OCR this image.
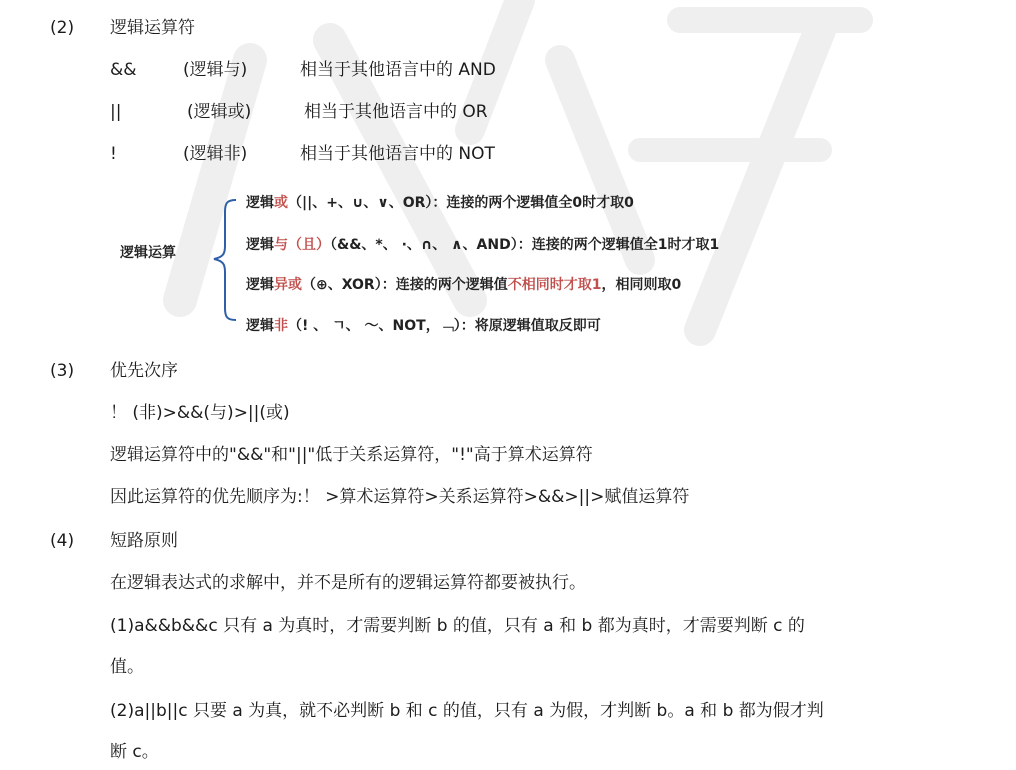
(2) 逻辑运算符
&&	(逻辑与)	相当于其他语言中的 AND
||	(逻辑或)	相当于其他语言中的 OR
!	(逻辑非)	相当于其他语言中的 NOT
逻辑运算
逻辑或（||、+、∪、∨、OR）：连接的两个逻辑值全0时才取0
逻辑与（且）（&&、*、 ·、∩、 ∧、AND）：连接的两个逻辑值全1时才取1
逻辑异或（⊕、XOR）：连接的两个逻辑值不相同时才取1，相同则取0
逻辑非（! 、 ㄱ、 ～、NOT，﹁）：将原逻辑值取反即可
(3) 优先次序
！ (非)>&&(与)>||(或)
逻辑运算符中的"&&"和"||"低于关系运算符，"!"高于算术运算符
因此运算符的优先顺序为:！ >算术运算符>关系运算符>&&>||>赋值运算符
(4) 短路原则
在逻辑表达式的求解中，并不是所有的逻辑运算符都要被执行。
(1)a&&b&&c 只有 a 为真时，才需要判断 b 的值，只有 a 和 b 都为真时，才需要判断 c 的
值。
(2)a||b||c 只要 a 为真，就不必判断 b 和 c 的值，只有 a 为假，才判断 b。a 和 b 都为假才判
断 c。
